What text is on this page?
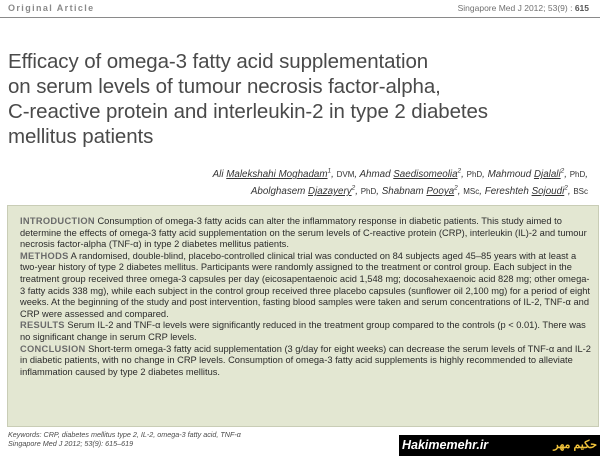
Original Article	Singapore Med J 2012; 53(9) : 615
Efficacy of omega-3 fatty acid supplementation
on serum levels of tumour necrosis factor-alpha,
C-reactive protein and interleukin-2 in type 2 diabetes
mellitus patients
Ali Malekshahi Moghadam$^1$, DVM, Ahmad Saedisomeolia$^2$, PhD, Mahmoud Djalali$^2$, PhD,
Abolghasem Djazayery$^2$, PhD, Shabnam Pooya$^2$, MSc, Fereshteh Sojoudi$^2$, BSc

INTRODUCTION Consumption of omega-3 fatty acids can alter the inflammatory response in diabetic patients. This study aimed to determine the effects of omega-3 fatty acid supplementation on the serum levels of C-reactive protein (CRP), interleukin (IL)-2 and tumour necrosis factor-alpha (TNF-α) in type 2 diabetes mellitus patients.

METHODS A randomised, double-blind, placebo-controlled clinical trial was conducted on 84 subjects aged 45–85 years with at least a two-year history of type 2 diabetes mellitus. Participants were randomly assigned to the treatment or control group. Each subject in the treatment group received three omega-3 capsules per day (eicosapentaenoic acid 1,548 mg; docosahexaenoic acid 828 mg; other omega-3 fatty acids 338 mg), while each subject in the control group received three placebo capsules (sunflower oil 2,100 mg) for a period of eight weeks. At the beginning of the study and post intervention, fasting blood samples were taken and serum concentrations of IL-2, TNF-α and CRP were assessed and compared.

RESULTS Serum IL-2 and TNF-α levels were significantly reduced in the treatment group compared to the controls (p < 0.01). There was no significant change in serum CRP levels.

CONCLUSION Short-term omega-3 fatty acid supplementation (3 g/day for eight weeks) can decrease the serum levels of TNF-α and IL-2 in diabetic patients, with no change in CRP levels. Consumption of omega-3 fatty acid supplements is highly recommended to alleviate inflammation caused by type 2 diabetes mellitus.

Keywords: CRP, diabetes mellitus type 2, IL-2, omega-3 fatty acid, TNF-α

Singapore Med J 2012; 53(9): 615–619	Hakimemehr.ir	حکیم مهر
